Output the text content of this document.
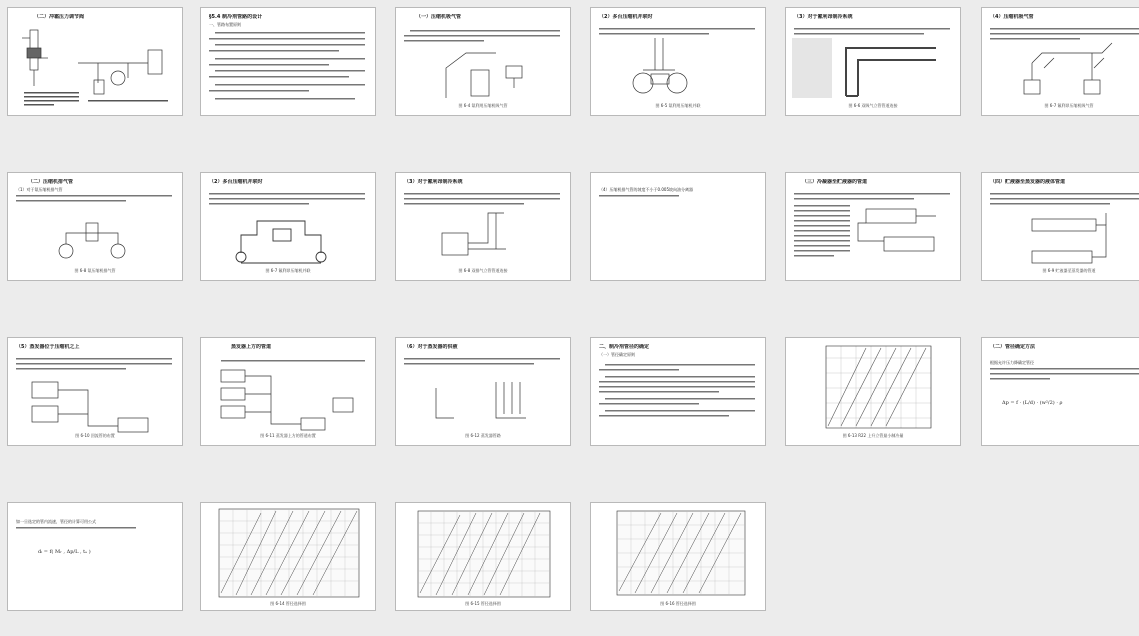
（二）冲霜压力调节阀	§5.4 制冷剂管路的设计
一、管路布置原则
（一）压缩机吸气管
图 6-4 氨利用压缩机吸气管
（2）多台压缩机并联时
图 6-5 氨利用压缩机并联
（3）对于氟利昂制冷系统
图 6-6 双吸气立管管道连接
（4）压缩机吸气管
图 6-7 氟利昂压缩机吸气管
（二）压缩机排气管
（1）对于氨压缩机排气管
图 6-8 氨压缩机排气管
（2）多台压缩机并联时
图 6-7 氟利昂压缩机并联
（3）对于氟利昂制冷系统
图 6-8 双排气立管管道连接
（4）压缩机排气管的坡度不小于0.005坡向油分离器
（三）冷凝器至贮液器的管道	（四）贮液器至蒸发器的液体管道
图 6-9 贮液器至蒸发器的管道
（5）蒸发器位于压缩机之上
图 6-10 回流管的布置
蒸发器上方的管道
图 6-11 蒸发器上方的管道布置
（6）对于蒸发器的供液
图 6-12 蒸发器管路
二、制冷剂管径的确定
（一）管径确定原则
图 6-13 R22 上升立管最小制冷量
（二）管径确定方法
根据允许压力降确定管径
Δp = f · (L/d) · (w²/2) · ρ
如一旦选定的管内流速，管径的计算可用公式
dᵢ = f( Mᵣ , Δp/L , tₑ )
图 6-14 管径选择图	图 6-15 管径选择图	图 6-16 管径选择图
